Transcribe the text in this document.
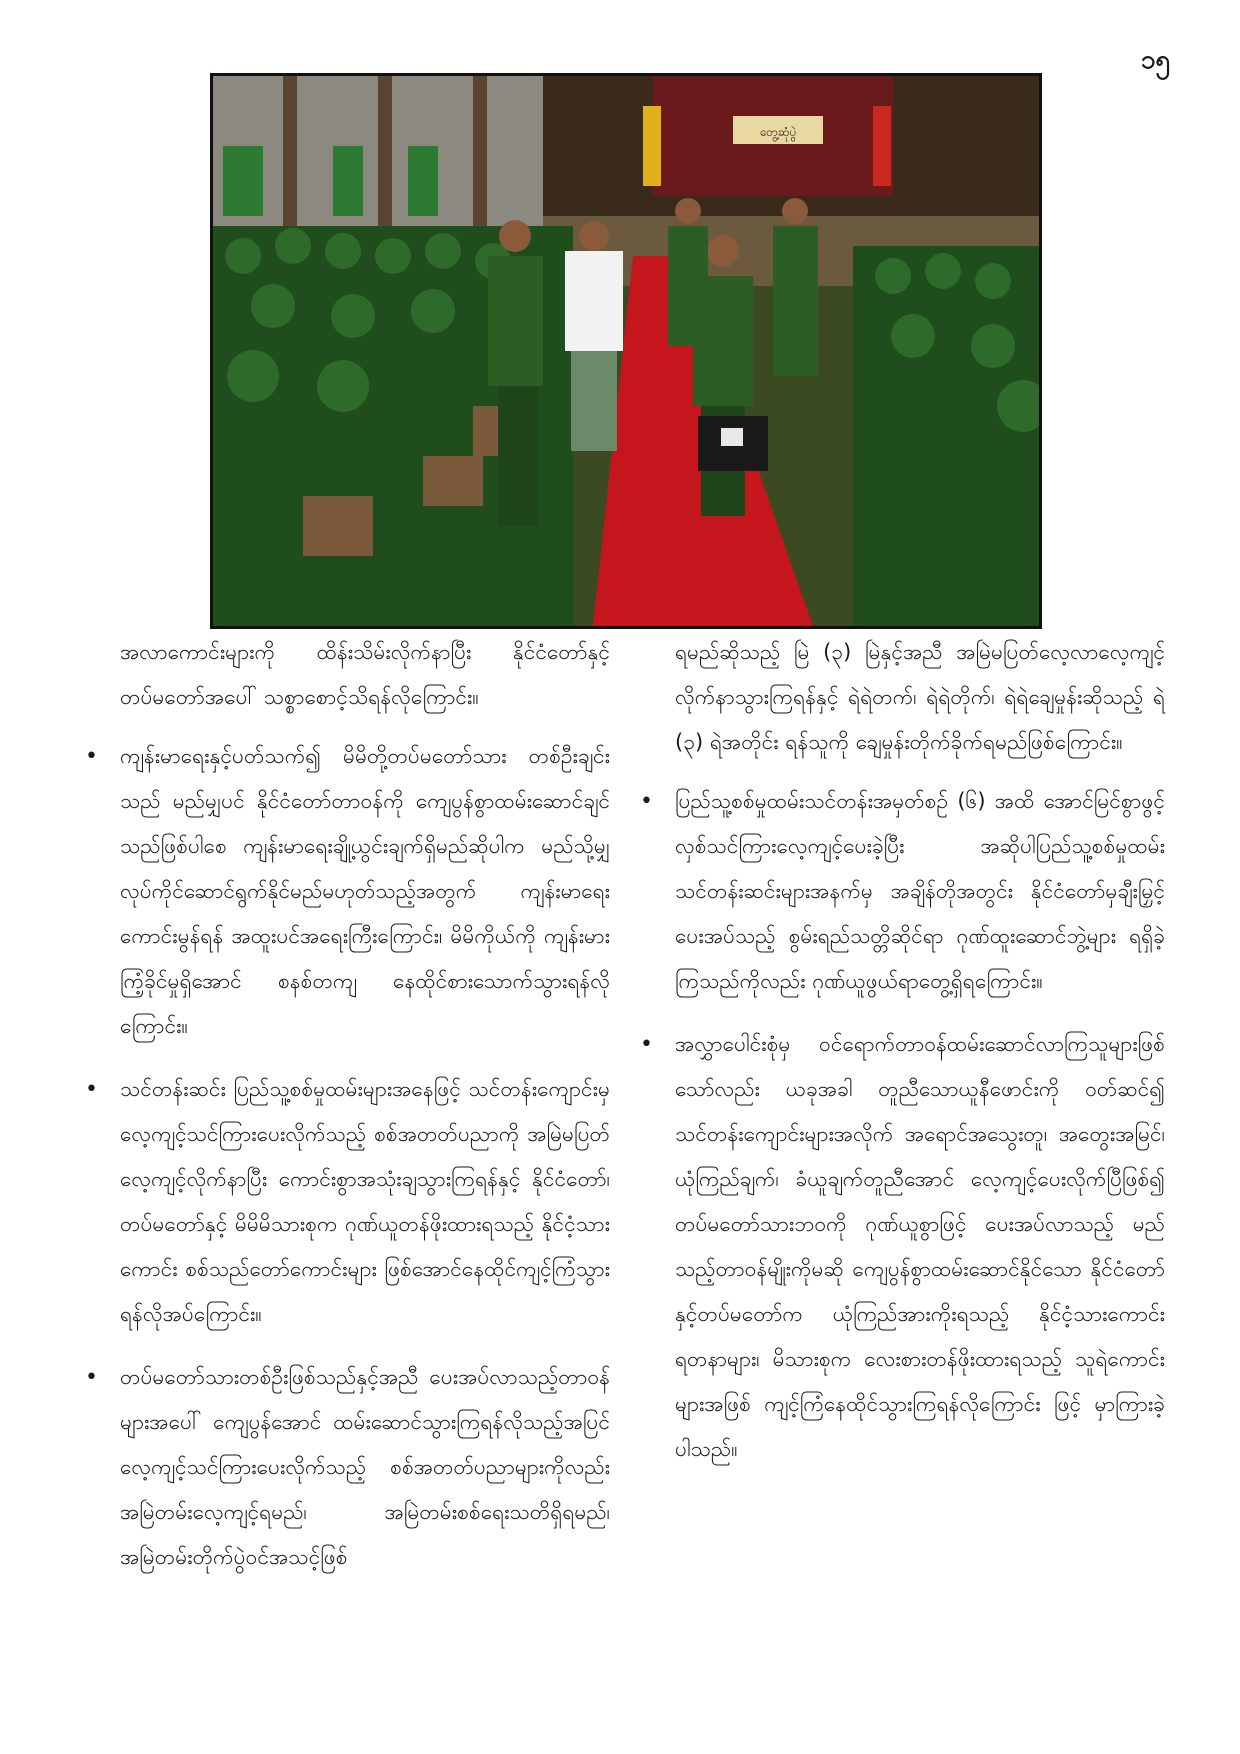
၁၅
တွေ့ဆုံပွဲ

အလာကောင်းများကို ထိန်းသိမ်းလိုက်နာပြီး နိုင်ငံတော်နှင့်တပ်မတော်အပေါ် သစ္စာစောင့်သိရန်လိုကြောင်း။

• ကျန်းမာရေးနှင့်ပတ်သက်၍ မိမိတို့တပ်မတော်သား တစ်ဦးချင်းသည် မည်မျှပင် နိုင်ငံတော်တာဝန်ကို ကျေပွန်စွာထမ်းဆောင်ချင်သည်ဖြစ်ပါစေ ကျန်းမာရေးချို့ယွင်းချက်ရှိမည်ဆိုပါက မည်သို့မျှ လုပ်ကိုင်ဆောင်ရွက်နိုင်မည်မဟုတ်သည့်အတွက် ကျန်းမာရေးကောင်းမွန်ရန် အထူးပင်အရေးကြီးကြောင်း၊ မိမိကိုယ်ကို ကျန်းမားကြံ့ခိုင်မှုရှိအောင် စနစ်တကျ နေထိုင်စားသောက်သွားရန်လိုကြောင်း။
• သင်တန်းဆင်း ပြည်သူ့စစ်မှုထမ်းများအနေဖြင့် သင်တန်းကျောင်းမှလေ့ကျင့်သင်ကြားပေးလိုက်သည့် စစ်အတတ်ပညာကို အမြဲမပြတ်လေ့ကျင့်လိုက်နာပြီး ကောင်းစွာအသုံးချသွားကြရန်နှင့် နိုင်ငံတော်၊ တပ်မတော်နှင့် မိမိမိသားစုက ဂုဏ်ယူတန်ဖိုးထားရသည့် နိုင်ငံ့သားကောင်း စစ်သည်တော်ကောင်းများ ဖြစ်အောင်နေထိုင်ကျင့်ကြံသွားရန်လိုအပ်ကြောင်း။
• တပ်မတော်သားတစ်ဦးဖြစ်သည်နှင့်အညီ ပေးအပ်လာသည့်တာဝန်များအပေါ် ကျေပွန်အောင် ထမ်းဆောင်သွားကြရန်လိုသည့်အပြင် လေ့ကျင့်သင်ကြားပေးလိုက်သည့် စစ်အတတ်ပညာများကိုလည်း အမြဲတမ်းလေ့ကျင့်ရမည်၊ အမြဲတမ်းစစ်ရေးသတိရှိရမည်၊ အမြဲတမ်းတိုက်ပွဲဝင်အသင့်ဖြစ်

ရမည်ဆိုသည့် မြဲ (၃) မြဲနှင့်အညီ အမြဲမပြတ်လေ့လာလေ့ကျင့်လိုက်နာသွားကြရန်နှင့် ရဲရဲတက်၊ ရဲရဲတိုက်၊ ရဲရဲချေမှုန်းဆိုသည့် ရဲ (၃) ရဲအတိုင်း ရန်သူကို ချေမှုန်းတိုက်ခိုက်ရမည်ဖြစ်ကြောင်း။

• ပြည်သူ့စစ်မှုထမ်းသင်တန်းအမှတ်စဉ် (၆) အထိ အောင်မြင်စွာဖွင့်လှစ်သင်ကြားလေ့ကျင့်ပေးခဲ့ပြီး အဆိုပါပြည်သူ့စစ်မှုထမ်းသင်တန်းဆင်းများအနက်မှ အချိန်တိုအတွင်း နိုင်ငံတော်မှချီးမြှင့်ပေးအပ်သည့် စွမ်းရည်သတ္တိဆိုင်ရာ ဂုဏ်ထူးဆောင်ဘွဲ့များ ရရှိခဲ့ကြသည်ကိုလည်း ဂုဏ်ယူဖွယ်ရာတွေ့ရှိရကြောင်း။
• အလွှာပေါင်းစုံမှ ဝင်ရောက်တာဝန်ထမ်းဆောင်လာကြသူများဖြစ်သော်လည်း ယခုအခါ တူညီသောယူနီဖောင်းကို ဝတ်ဆင်၍ သင်တန်းကျောင်းများအလိုက် အရောင်အသွေးတူ၊ အတွေးအမြင်၊ ယုံကြည်ချက်၊ ခံယူချက်တူညီအောင် လေ့ကျင့်ပေးလိုက်ပြီဖြစ်၍ တပ်မတော်သားဘဝကို ဂုဏ်ယူစွာဖြင့် ပေးအပ်လာသည့် မည်သည့်တာဝန်မျိုးကိုမဆို ကျေပွန်စွာထမ်းဆောင်နိုင်သော နိုင်ငံတော်နှင့်တပ်မတော်က ယုံကြည်အားကိုးရသည့် နိုင်ငံ့သားကောင်းရတနာများ၊ မိသားစုက လေးစားတန်ဖိုးထားရသည့် သူရဲကောင်းများအဖြစ် ကျင့်ကြံနေထိုင်သွားကြရန်လိုကြောင်း ဖြင့် မှာကြားခဲ့ပါသည်။
